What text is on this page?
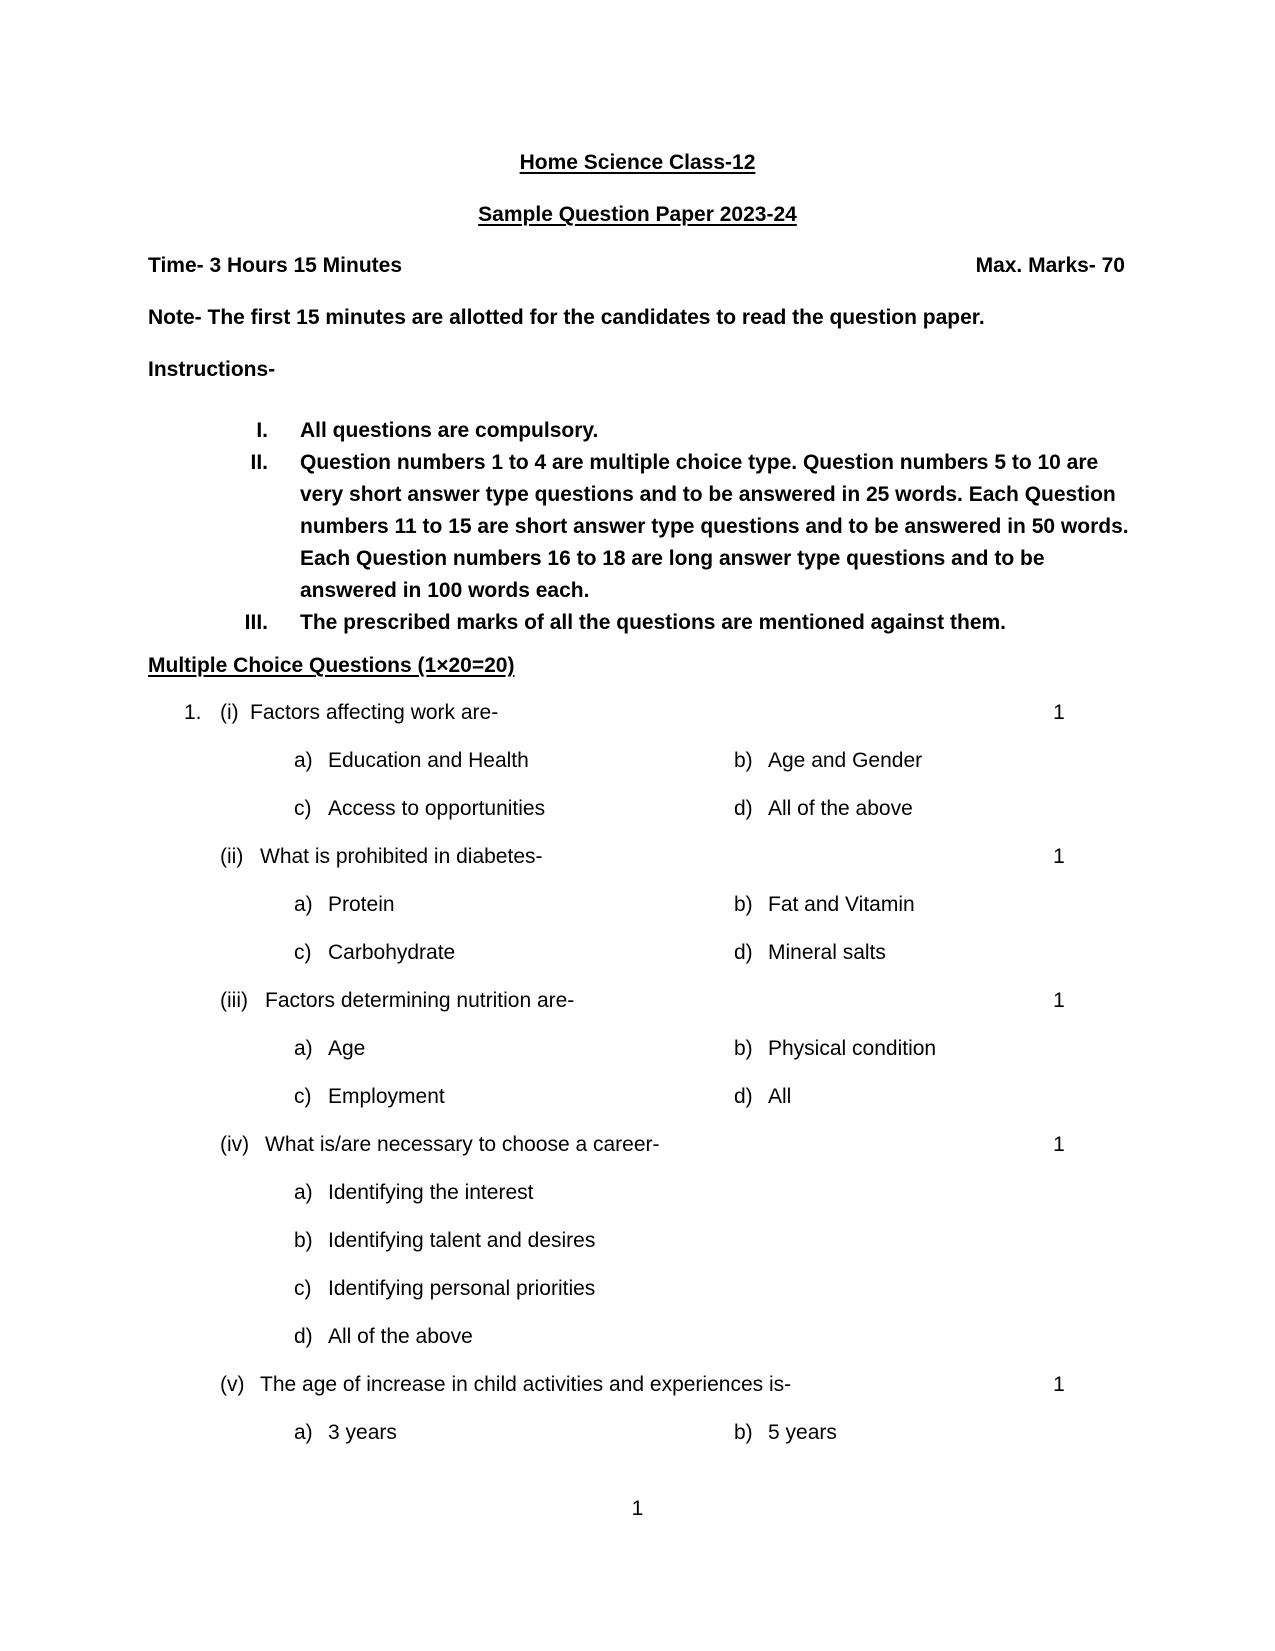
Home Science Class-12
Sample Question Paper 2023-24
Time- 3 Hours 15 Minutes	Max. Marks- 70
Note- The first 15 minutes are allotted for the candidates to read the question paper.
Instructions-
I. All questions are compulsory.
II. Question numbers 1 to 4 are multiple choice type. Question numbers 5 to 10 are very short answer type questions and to be answered in 25 words. Each Question numbers 11 to 15 are short answer type questions and to be answered in 50 words. Each Question numbers 16 to 18 are long answer type questions and to be answered in 100 words each.
III. The prescribed marks of all the questions are mentioned against them.
Multiple Choice Questions (1×20=20)
1. (i) Factors affecting work are-	1
a) Education and Health	b) Age and Gender
c) Access to opportunities	d) All of the above
(ii) What is prohibited in diabetes-	1
a) Protein	b) Fat and Vitamin
c) Carbohydrate	d) Mineral salts
(iii) Factors determining nutrition are-	1
a) Age	b) Physical condition
c) Employment	d) All
(iv) What is/are necessary to choose a career-	1
a) Identifying the interest
b) Identifying talent and desires
c) Identifying personal priorities
d) All of the above
(v) The age of increase in child activities and experiences is-	1
a) 3 years	b) 5 years
1
